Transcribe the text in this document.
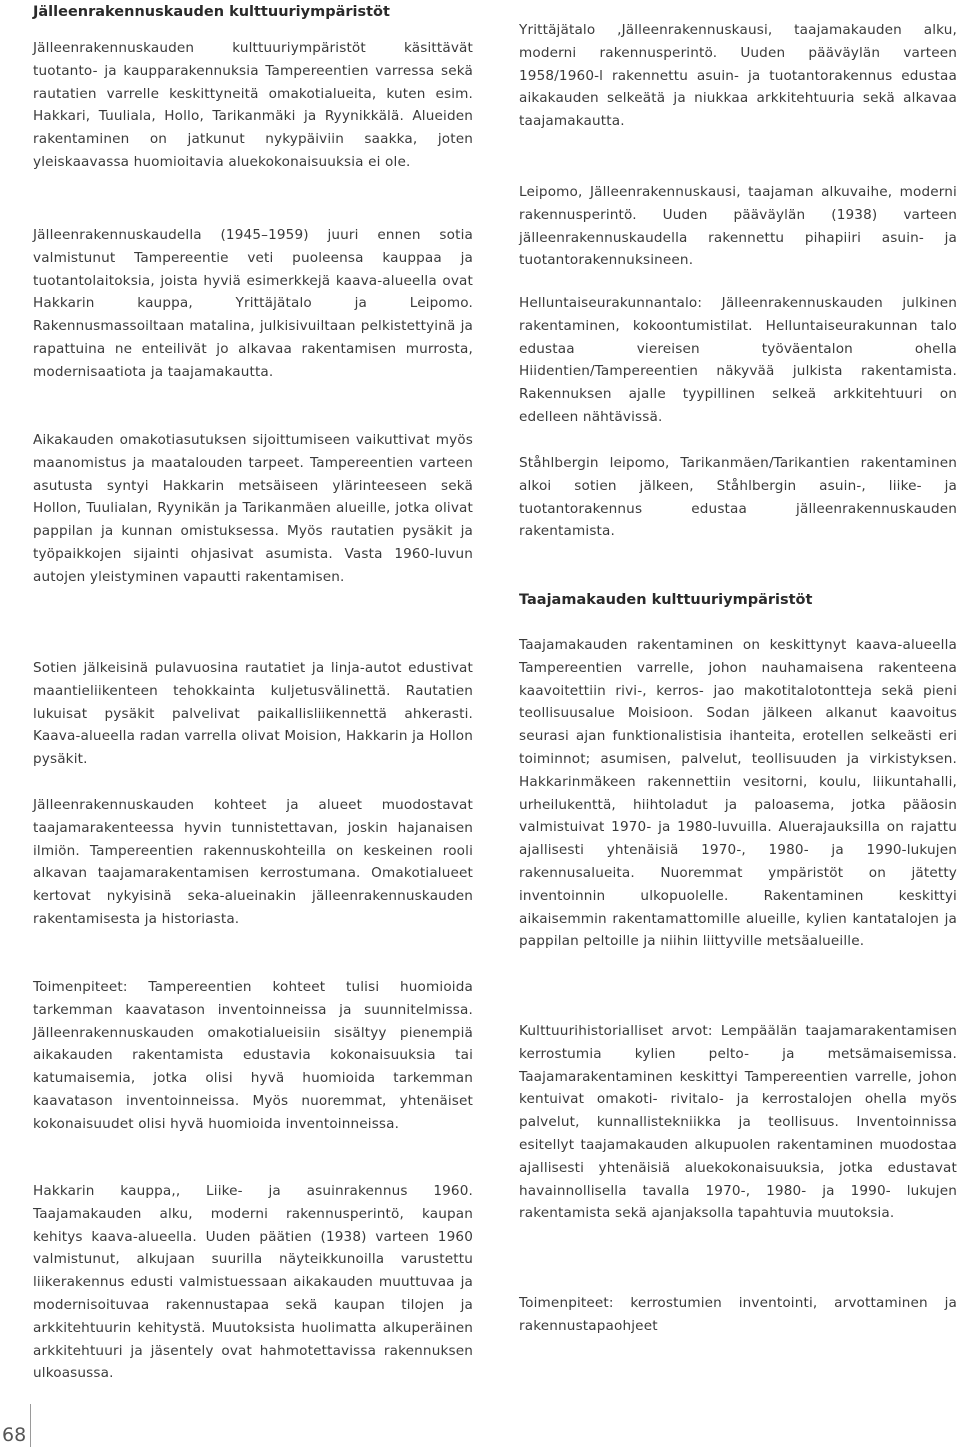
Jälleenrakennuskauden kulttuuriympäristöt

Jälleenrakennuskauden kulttuuriympäristöt käsittävät tuotanto- ja kaupparakennuksia Tampereentien varressa sekä rautatien varrelle keskittyneitä omakotialueita, kuten esim. Hakkari, Tuuliala, Hollo, Tarikanmäki ja Ryynikkälä. Alueiden rakentaminen on jatkunut nykypäiviin saakka, joten yleiskaavassa huomioitavia aluekokonaisuuksia ei ole.

Jälleenrakennuskaudella (1945–1959) juuri ennen sotia valmistunut Tampereentie veti puoleensa kauppaa ja tuotantolaitoksia, joista hyviä esimerkkejä kaava-alueella ovat Hakkarin kauppa, Yrittäjätalo ja Leipomo. Rakennusmassoiltaan matalina, julkisivuiltaan pelkistettyinä ja rapattuina ne enteilivät jo alkavaa rakentamisen murrosta, modernisaatiota ja taajamakautta.

Aikakauden omakotiasutuksen sijoittumiseen vaikuttivat myös maanomistus ja maatalouden tarpeet. Tampereentien varteen asutusta syntyi Hakkarin metsäiseen ylärinteeseen sekä Hollon, Tuulialan, Ryynikän ja Tarikanmäen alueille, jotka olivat pappilan ja kunnan omistuksessa. Myös rautatien pysäkit ja työpaikkojen sijainti ohjasivat asumista. Vasta 1960-luvun autojen yleistyminen vapautti rakentamisen.

Sotien jälkeisinä pulavuosina rautatiet ja linja-autot edustivat maantieliikenteen tehokkainta kuljetusvälinettä. Rautatien lukuisat pysäkit palvelivat paikallisliikennettä ahkerasti. Kaava-alueella radan varrella olivat Moision, Hakkarin ja Hollon pysäkit.

Jälleenrakennuskauden kohteet ja alueet muodostavat taajamarakenteessa hyvin tunnistettavan, joskin hajanaisen ilmiön. Tampereentien rakennuskohteilla on keskeinen rooli alkavan taajamarakentamisen kerrostumana. Omakotialueet kertovat nykyisinä seka-alueinakin jälleenrakennuskauden rakentamisesta ja historiasta.

Toimenpiteet: Tampereentien kohteet tulisi huomioida tarkemman kaavatason inventoinneissa ja suunnitelmissa. Jälleenrakennuskauden omakotialueisiin sisältyy pienempiä aikakauden rakentamista edustavia kokonaisuuksia tai katumaisemia, jotka olisi hyvä huomioida tarkemman kaavatason inventoinneissa. Myös nuoremmat, yhtenäiset kokonaisuudet olisi hyvä huomioida inventoinneissa.

Hakkarin kauppa,, Liike- ja asuinrakennus 1960. Taajamakauden alku, moderni rakennusperintö, kaupan kehitys kaava-alueella. Uuden päätien (1938) varteen 1960 valmistunut, alkujaan suurilla näyteikkunoilla varustettu liikerakennus edusti valmistuessaan aikakauden muuttuvaa ja modernisoituvaa rakennustapaa sekä kaupan tilojen ja arkkitehtuurin kehitystä. Muutoksista huolimatta alkuperäinen arkkitehtuuri ja jäsentely ovat hahmotettavissa rakennuksen ulkoasussa.

Yrittäjätalo ,Jälleenrakennuskausi, taajamakauden alku, moderni rakennusperintö. Uuden pääväylän varteen 1958/1960-l rakennettu asuin- ja tuotantorakennus edustaa aikakauden selkeätä ja niukkaa arkkitehtuuria sekä alkavaa taajamakautta.

Leipomo, Jälleenrakennuskausi, taajaman alkuvaihe, moderni rakennusperintö. Uuden pääväylän (1938) varteen jälleenrakennuskaudella rakennettu pihapiiri asuin- ja tuotantorakennuksineen.

Helluntaiseurakunnantalo: Jälleenrakennuskauden julkinen rakentaminen, kokoontumistilat. Helluntaiseurakunnan talo edustaa viereisen työväentalon ohella Hiidentien/Tampereentien näkyvää julkista rakentamista. Rakennuksen ajalle tyypillinen selkeä arkkitehtuuri on edelleen nähtävissä.

Ståhlbergin leipomo, Tarikanmäen/Tarikantien rakentaminen alkoi sotien jälkeen, Ståhlbergin asuin-, liike- ja tuotantorakennus edustaa jälleenrakennuskauden rakentamista.

Taajamakauden kulttuuriympäristöt

Taajamakauden rakentaminen on keskittynyt kaava-alueella Tampereentien varrelle, johon nauhamaisena rakenteena kaavoitettiin rivi-, kerros- jao makotitalotontteja sekä pieni teollisuusalue Moisioon. Sodan jälkeen alkanut kaavoitus seurasi ajan funktionalistisia ihanteita, erotellen selkeästi eri toiminnot; asumisen, palvelut, teollisuuden ja virkistyksen. Hakkarinmäkeen rakennettiin vesitorni, koulu, liikuntahalli, urheilukenttä, hiihtoladut ja paloasema, jotka pääosin valmistuivat 1970- ja 1980-luvuilla. Aluerajauksilla on rajattu ajallisesti yhtenäisiä 1970-, 1980- ja 1990-lukujen rakennusalueita. Nuoremmat ympäristöt on jätetty inventoinnin ulkopuolelle. Rakentaminen keskittyi aikaisemmin rakentamattomille alueille, kylien kantatalojen ja pappilan peltoille ja niihin liittyville metsäalueille.

Kulttuurihistorialliset arvot: Lempäälän taajamarakentamisen kerrostumia kylien pelto- ja metsämaisemissa. Taajamarakentaminen keskittyi Tampereentien varrelle, johon kentuivat omakoti- rivitalo- ja kerrostalojen ohella myös palvelut, kunnallistekniikka ja teollisuus. Inventoinnissa esitellyt taajamakauden alkupuolen rakentaminen muodostaa ajallisesti yhtenäisiä aluekokonaisuuksia, jotka edustavat havainnollisella tavalla 1970-, 1980- ja 1990- lukujen rakentamista sekä ajanjaksolla tapahtuvia muutoksia.

Toimenpiteet: kerrostumien inventointi, arvottaminen ja rakennustapaohjeet

68
